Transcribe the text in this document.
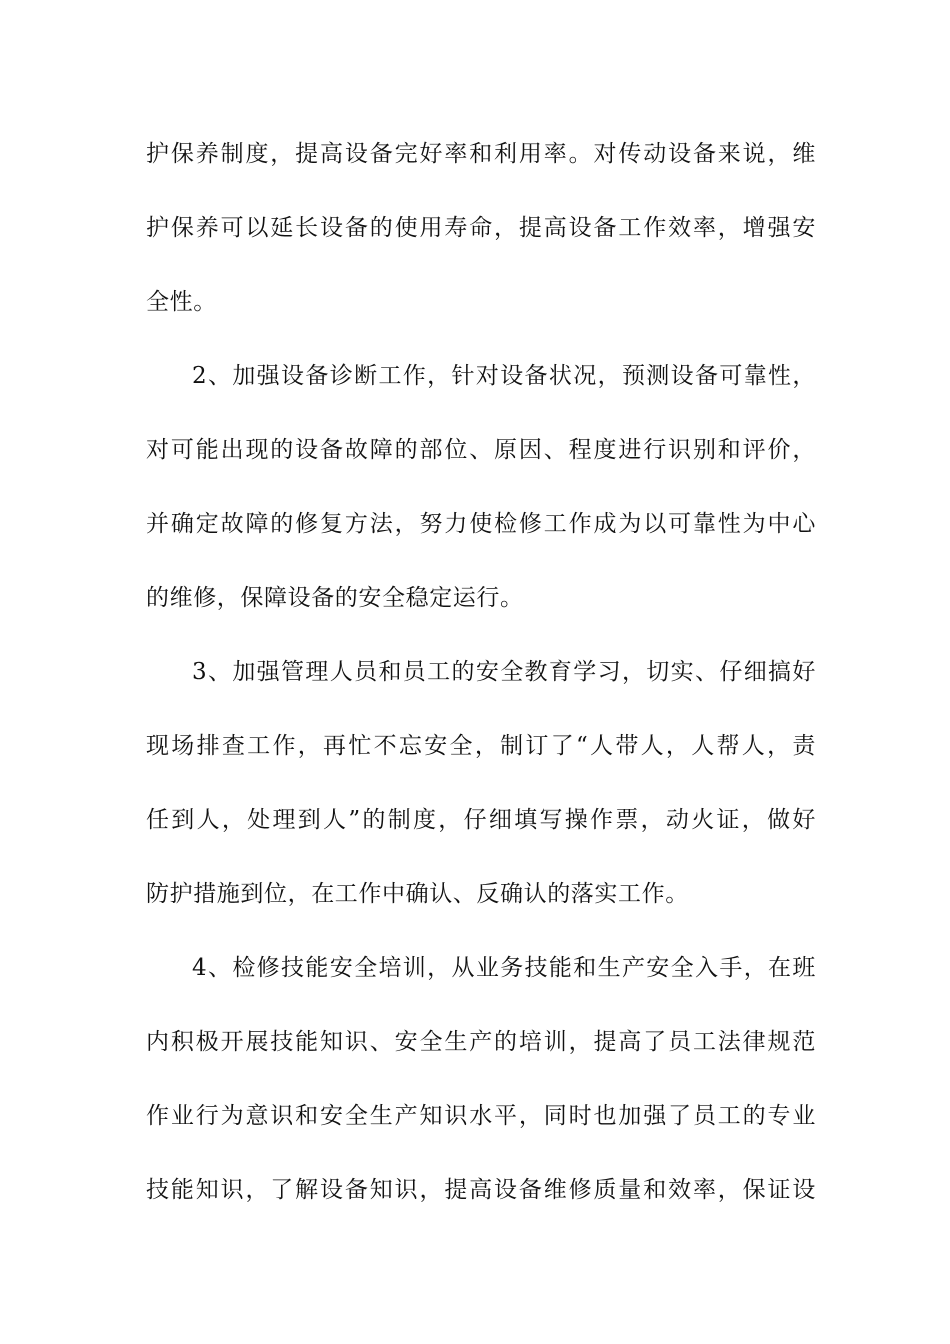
护保养制度，提高设备完好率和利用率。对传动设备来说，维
护保养可以延长设备的使用寿命，提高设备工作效率，增强安
全性。
2、加强设备诊断工作，针对设备状况，预测设备可靠性，
对可能出现的设备故障的部位、原因、程度进行识别和评价，
并确定故障的修复方法，努力使检修工作成为以可靠性为中心
的维修，保障设备的安全稳定运行。
3、加强管理人员和员工的安全教育学习，切实、仔细搞好
现场排查工作，再忙不忘安全，制订了“人带人，人帮人，责
任到人，处理到人”的制度，仔细填写操作票，动火证，做好
防护措施到位，在工作中确认、反确认的落实工作。
4、检修技能安全培训，从业务技能和生产安全入手，在班
内积极开展技能知识、安全生产的培训，提高了员工法律规范
作业行为意识和安全生产知识水平，同时也加强了员工的专业
技能知识，了解设备知识，提高设备维修质量和效率，保证设
